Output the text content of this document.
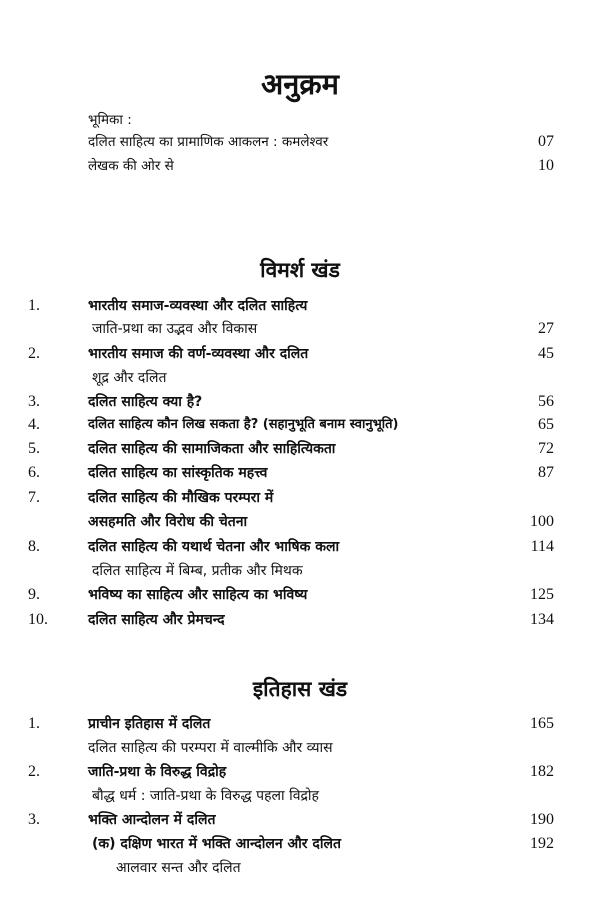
अनुक्रम
भूमिका :
दलित साहित्य का प्रामाणिक आकलन : कमलेश्वर	07
लेखक की ओर से	10
विमर्श खंड
1.	भारतीय समाज-व्यवस्था और दलित साहित्य
जाति-प्रथा का उद्भव और विकास	27
2.	भारतीय समाज की वर्ण-व्यवस्था और दलित	45
शूद्र और दलित
3.	दलित साहित्य क्या है?	56
4.	दलित साहित्य कौन लिख सकता है? (सहानुभूति बनाम स्वानुभूति)	65
5.	दलित साहित्य की सामाजिकता और साहित्यिकता	72
6.	दलित साहित्य का सांस्कृतिक महत्त्व	87
7.	दलित साहित्य की मौखिक परम्परा में
असहमति और विरोध की चेतना	100
8.	दलित साहित्य की यथार्थ चेतना और भाषिक कला	114
दलित साहित्य में बिम्ब, प्रतीक और मिथक
9.	भविष्य का साहित्य और साहित्य का भविष्य	125
10.	दलित साहित्य और प्रेमचन्द	134
इतिहास खंड
1.	प्राचीन इतिहास में दलित	165
दलित साहित्य की परम्परा में वाल्मीकि और व्यास
2.	जाति-प्रथा के विरुद्ध विद्रोह	182
बौद्ध धर्म : जाति-प्रथा के विरुद्ध पहला विद्रोह
3.	भक्ति आन्दोलन में दलित	190
(क) दक्षिण भारत में भक्ति आन्दोलन और दलित	192
आलवार सन्त और दलित
